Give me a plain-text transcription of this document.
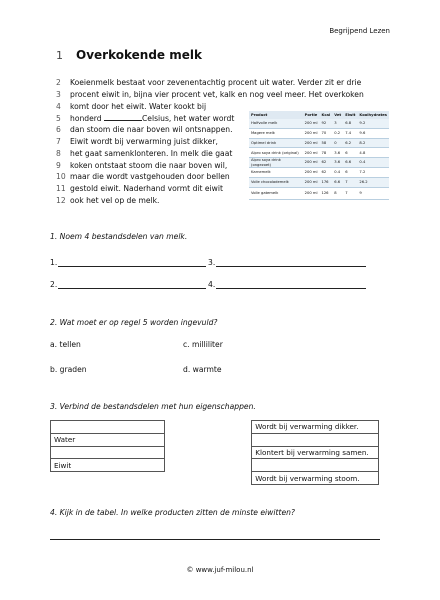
Begrijpend Lezen
1 Overkokende melk
2 Koeienmelk bestaat voor zevenentachtig procent uit water. Verder zit er drie
3 procent eiwit in, bijna vier procent vet, kalk en nog veel meer. Het overkoken
4 komt door het eiwit. Water kookt bij
5 honderd	Celsius, het water wordt
6 dan stoom die naar boven wil ontsnappen.
7 Eiwit wordt bij verwarming juist dikker,
8 het gaat samenklonteren. In melk die gaat
9 koken ontstaat stoom die naar boven wil,
10 maar die wordt vastgehouden door bellen
11 gestold eiwit. Naderhand vormt dit eiwit
12 ook het vel op de melk.
Product	Portie	Kcal	Vet	Eiwit	Koolhydrates
Halfvolle melk	200 ml	92	3	6.8	9.2
Magere melk	200 ml	70	0.2	7.4	9.6
Optimel drink	200 ml	58	0	6.2	8.2
Alpro soya drink (original)	200 ml	78	3.6	6	4.8
Alpro soya drink (ongezoet)	200 ml	62	3.6	6.6	0.4
Karnemelk	200 ml	62	0.4	6	7.2
Volle chocolademelk	200 ml	176	6.6	7	26.2
Volle gatemelk	200 ml	126	8	7	9
1. Noem 4 bestandsdelen van melk.
1.	3.
2.	4.
2. Wat moet er op regel 5 worden ingevuld?
a. tellen	c. milliliter
b. graden	d. warmte
3. Verbind de bestandsdelen met hun eigenschappen.
		Wordt bij verwarming dikker.
Water		
		Klontert bij verwarming samen.
Eiwit		
		Wordt bij verwarming stoom.
4. Kijk in de tabel. In welke producten zitten de minste eiwitten?
© www.juf-milou.nl
